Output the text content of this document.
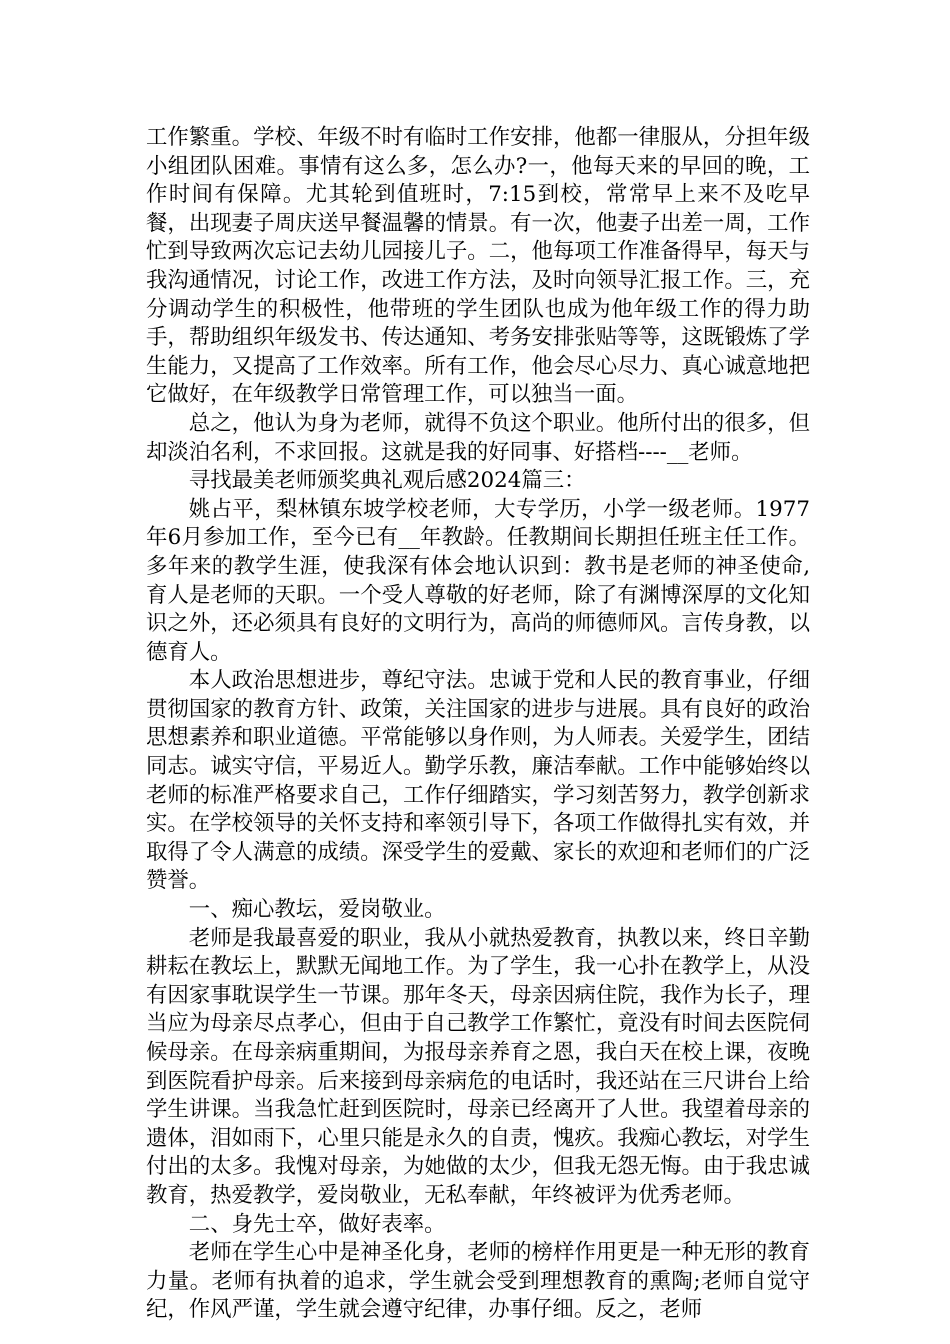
工作繁重。学校、年级不时有临时工作安排，他都一律服从，分担年级小组团队困难。事情有这么多，怎么办?一，他每天来的早回的晚，工作时间有保障。尤其轮到值班时，7:15到校，常常早上来不及吃早餐，出现妻子周庆送早餐温馨的情景。有一次，他妻子出差一周，工作忙到导致两次忘记去幼儿园接儿子。二，他每项工作准备得早，每天与我沟通情况，讨论工作，改进工作方法，及时向领导汇报工作。三，充分调动学生的积极性，他带班的学生团队也成为他年级工作的得力助手，帮助组织年级发书、传达通知、考务安排张贴等等，这既锻炼了学生能力，又提高了工作效率。所有工作，他会尽心尽力、真心诚意地把它做好，在年级教学日常管理工作，可以独当一面。

总之，他认为身为老师，就得不负这个职业。他所付出的很多，但却淡泊名利，不求回报。这就是我的好同事、好搭档----__老师。

寻找最美老师颁奖典礼观后感2024篇三：

姚占平，梨林镇东坡学校老师，大专学历，小学一级老师。1977年6月参加工作，至今已有__年教龄。任教期间长期担任班主任工作。多年来的教学生涯，使我深有体会地认识到：教书是老师的神圣使命,育人是老师的天职。一个受人尊敬的好老师，除了有渊博深厚的文化知识之外，还必须具有良好的文明行为，高尚的师德师风。言传身教，以德育人。

本人政治思想进步，尊纪守法。忠诚于党和人民的教育事业，仔细贯彻国家的教育方针、政策，关注国家的进步与进展。具有良好的政治思想素养和职业道德。平常能够以身作则，为人师表。关爱学生，团结同志。诚实守信，平易近人。勤学乐教，廉洁奉献。工作中能够始终以老师的标准严格要求自己，工作仔细踏实，学习刻苦努力，教学创新求实。在学校领导的关怀支持和率领引导下，各项工作做得扎实有效，并取得了令人满意的成绩。深受学生的爱戴、家长的欢迎和老师们的广泛赞誉。

一、痴心教坛，爱岗敬业。

老师是我最喜爱的职业，我从小就热爱教育，执教以来，终日辛勤耕耘在教坛上，默默无闻地工作。为了学生，我一心扑在教学上，从没有因家事耽误学生一节课。那年冬天，母亲因病住院，我作为长子，理当应为母亲尽点孝心，但由于自己教学工作繁忙，竟没有时间去医院伺候母亲。在母亲病重期间，为报母亲养育之恩，我白天在校上课，夜晚到医院看护母亲。后来接到母亲病危的电话时，我还站在三尺讲台上给学生讲课。当我急忙赶到医院时，母亲已经离开了人世。我望着母亲的遗体，泪如雨下，心里只能是永久的自责，愧疚。我痴心教坛，对学生付出的太多。我愧对母亲，为她做的太少，但我无怨无悔。由于我忠诚教育，热爱教学，爱岗敬业，无私奉献，年终被评为优秀老师。

二、身先士卒，做好表率。

老师在学生心中是神圣化身，老师的榜样作用更是一种无形的教育力量。老师有执着的追求，学生就会受到理想教育的熏陶;老师自觉守纪，作风严谨，学生就会遵守纪律，办事仔细。反之，老师
